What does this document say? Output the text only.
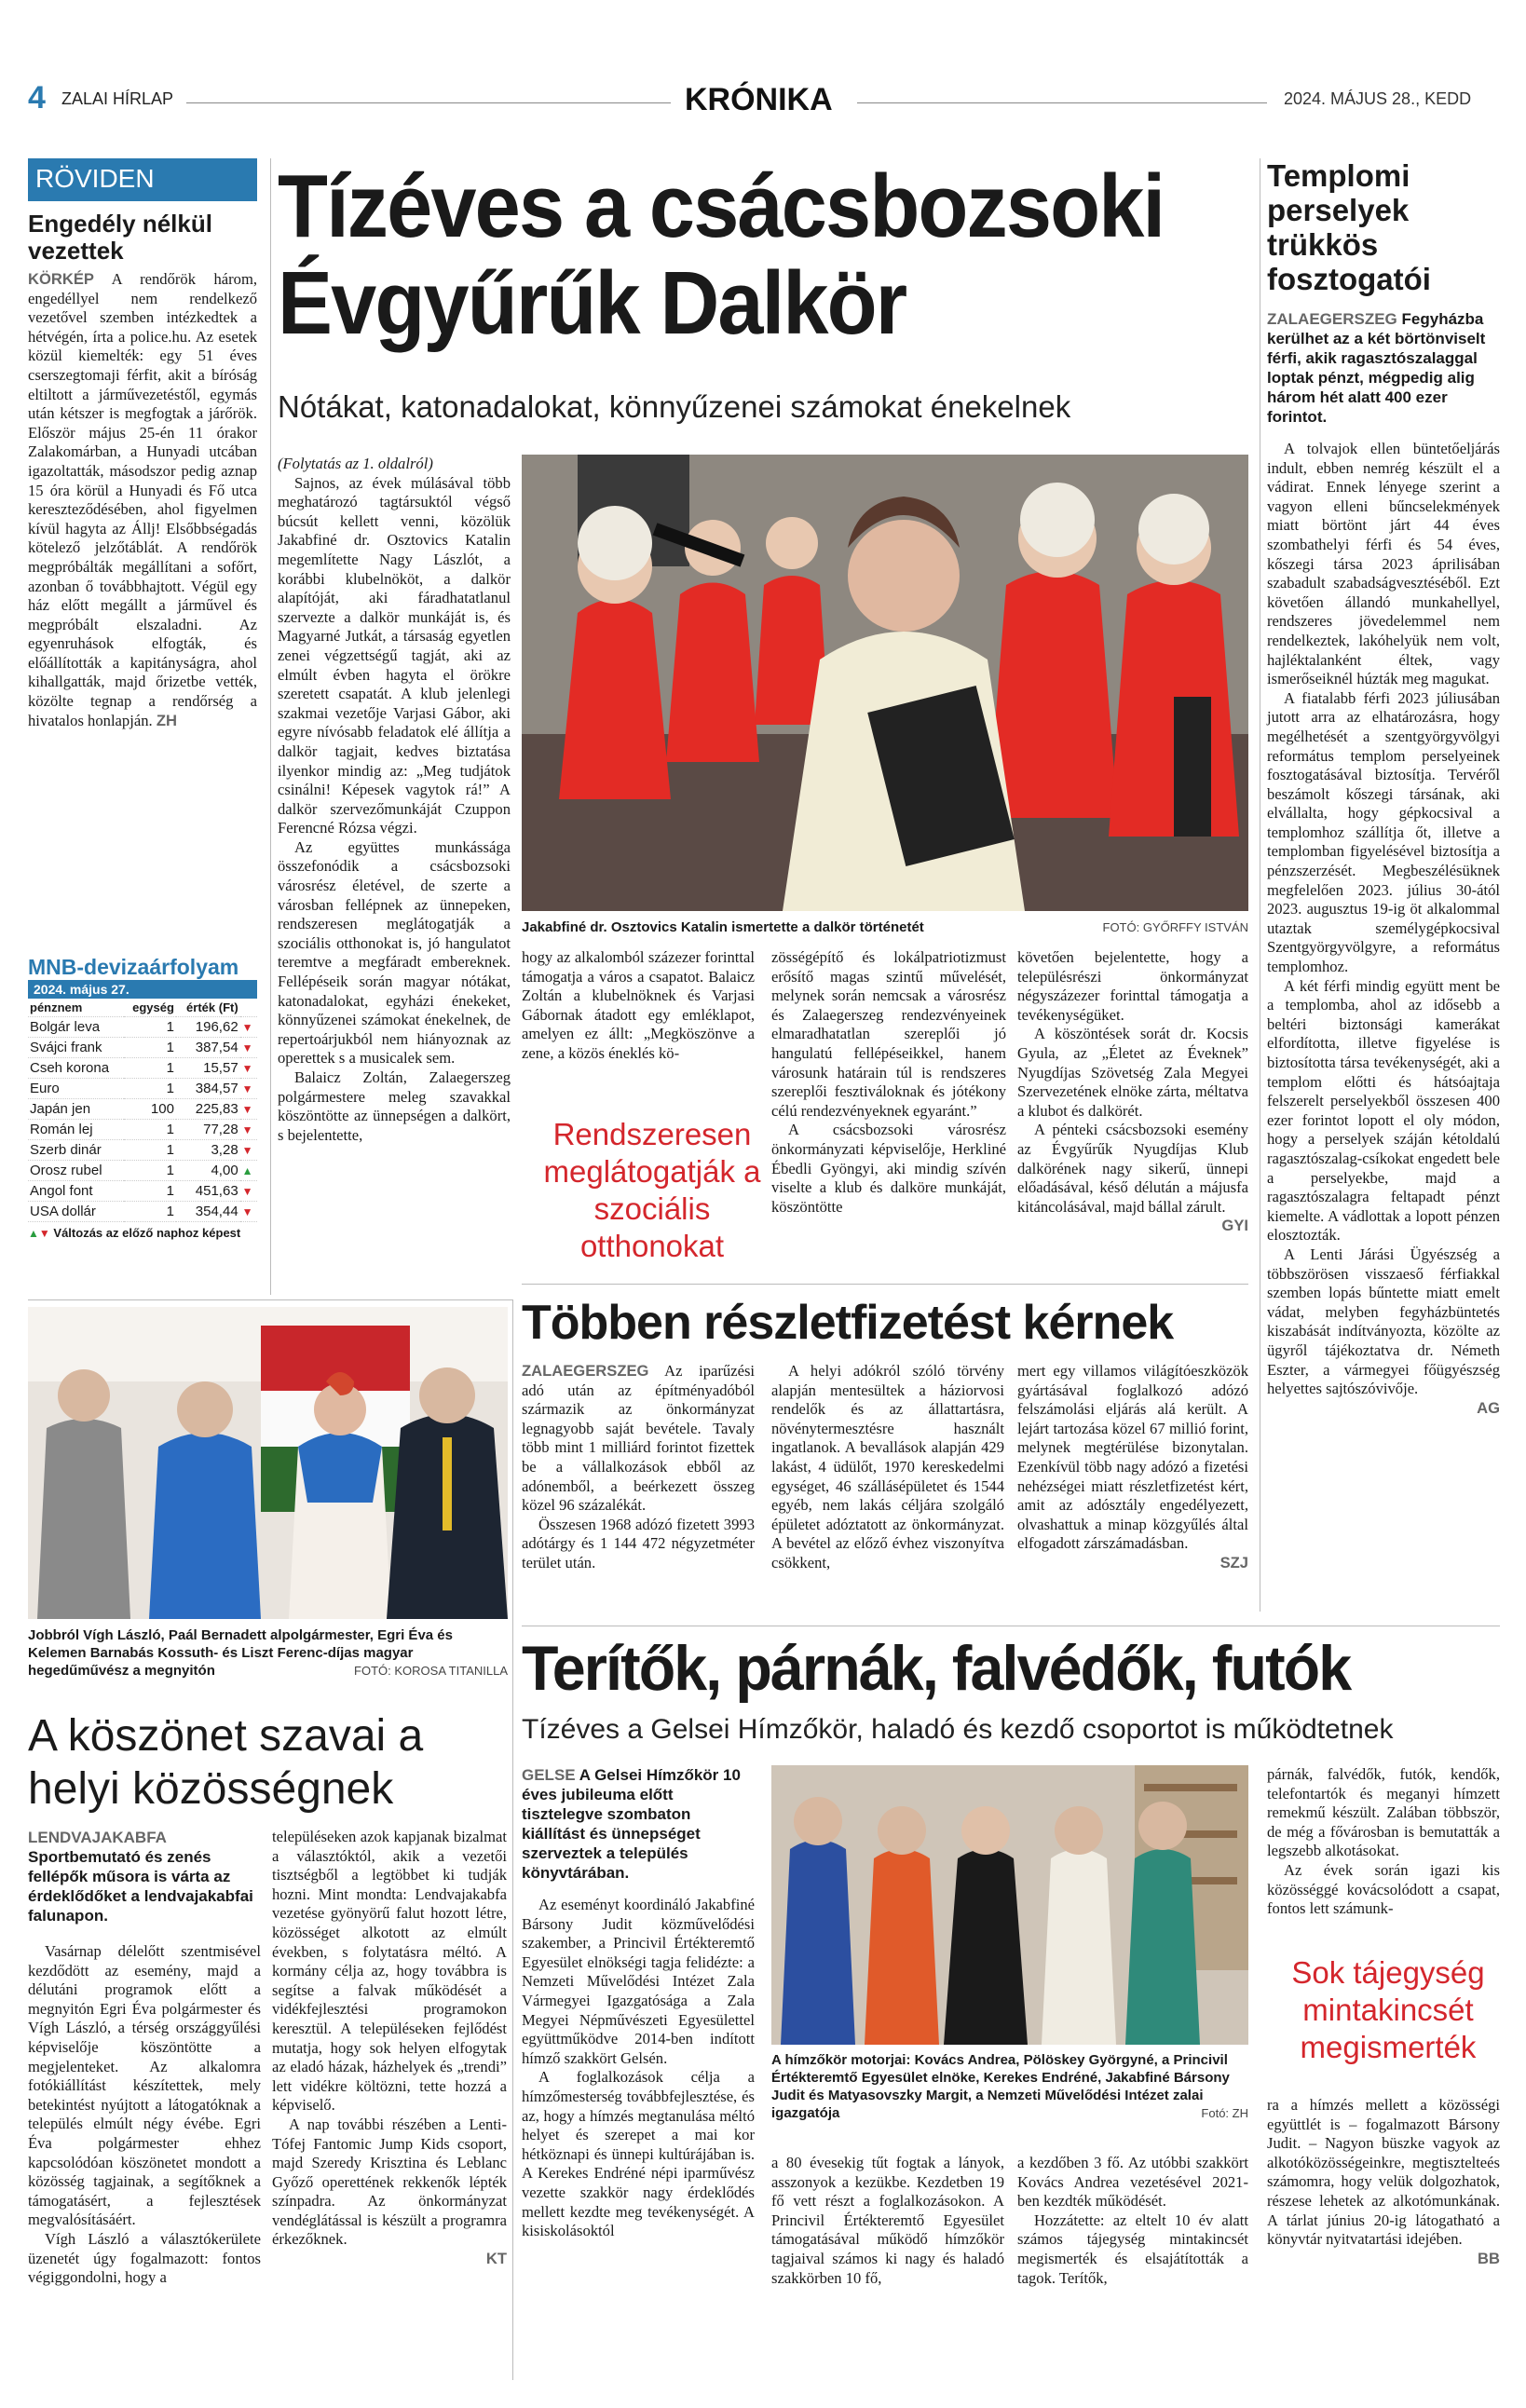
4 ZALAI HÍRLAP	KRÓNIKA	2024. MÁJUS 28., KEDD
RÖVIDEN
Engedély nélkül vezettek

KÖRKÉP A rendőrök három, engedéllyel nem rendelkező vezetővel szemben intézkedtek a hétvégén, írta a police.hu. Az esetek közül kiemelték: egy 51 éves cserszegtomaji férfit, akit a bíróság eltiltott a járművezetéstől, egymás után kétszer is megfogtak a járőrök. Először május 25-én 11 órakor Zalakomárban, a Hunyadi utcában igazoltatták, másodszor pedig aznap 15 óra körül a Hunyadi és Fő utca kereszteződésében, ahol figyelmen kívül hagyta az Állj! Elsőbbségadás kötelező jelzőtáblát. A rendőrök megpróbálták megállítani a sofőrt, azonban ő továbbhajtott. Végül egy ház előtt megállt a járművel és megpróbált elszaladni. Az egyenruhások elfogták, és előállították a kapitányságra, ahol kihallgatták, majd őrizetbe vették, közölte tegnap a rendőrség a hivatalos honlapján. ZH

MNB-devizaárfolyam
2024. május 27.
pénznem	egység	érték (Ft)	
Bolgár leva	1	196,62	▼
Svájci frank	1	387,54	▼
Cseh korona	1	15,57	▼
Euro	1	384,57	▼
Japán jen	100	225,83	▼
Román lej	1	77,28	▼
Szerb dinár	1	3,28	▼
Orosz rubel	1	4,00	▲
Angol font	1	451,63	▼
USA dollár	1	354,44	▼
▲▼ Változás az előző naphoz képest
Tízéves a csácsbozsoki
Évgyűrűk Dalkör
Nótákat, katonadalokat, könnyűzenei számokat énekelnek

(Folytatás az 1. oldalról)

Sajnos, az évek múlásával több meghatározó tagtársuktól végső búcsút kellett venni, közölük Jakabfiné dr. Osztovics Katalin megemlítette Nagy Lászlót, a korábbi klubelnököt, a dalkör alapítóját, aki fáradhatatlanul szervezte a dalkör munkáját is, és Magyarné Jutkát, a társaság egyetlen zenei végzettségű tagját, aki az elmúlt évben hagyta el örökre szeretett csapatát. A klub jelenlegi szakmai vezetője Varjasi Gábor, aki egyre nívósabb feladatok elé állítja a dalkör tagjait, kedves biztatása ilyenkor mindig az: „Meg tudjátok csinálni! Képesek vagytok rá!” A dalkör szervezőmunkáját Czuppon Ferencné Rózsa végzi.

Az együttes munkássága összefonódik a csácsbozsoki városrész életével, de szerte a városban fellépnek az ünnepeken, rendszeresen meglátogatják a szociális otthonokat is, jó hangulatot teremtve a megfáradt embereknek. Fellépéseik során magyar nótákat, katonadalokat, egyházi énekeket, könnyűzenei számokat énekelnek, de repertoárjukból nem hiányoznak az operettek s a musicalek sem.

Balaicz Zoltán, Zalaegerszeg polgármestere meleg szavakkal köszöntötte az ünnepségen a dalkört, s bejelentette,

Jakabfiné dr. Osztovics Katalin ismertette a dalkör történetét	FOTÓ: GYŐRFFY ISTVÁN

hogy az alkalomból százezer forinttal támogatja a város a csapatot. Balaicz Zoltán a klubelnöknek és Varjasi Gábornak átadott egy emléklapot, amelyen ez állt: „Megköszönve a zene, a közös éneklés kö-

Rendszeresen meglátogatják a szociális otthonokat

zösségépítő és lokálpatriotizmust erősítő magas szintű művelését, melynek során nemcsak a városrész és Zalaegerszeg rendezvényeinek elmaradhatatlan szereplői jó hangulatú fellépéseikkel, hanem városunk határain túl is rendszeres szereplői fesztiváloknak és jótékony célú rendezvényeknek egyaránt.”

A csácsbozsoki városrész önkormányzati képviselője, Herkliné Ébedli Gyöngyi, aki mindig szívén viselte a klub és dalköre munkáját, köszöntötte

követően bejelentette, hogy a településrészi önkormányzat négyszázezer forinttal támogatja a tevékenységüket.

A köszöntések sorát dr. Kocsis Gyula, az „Életet az Éveknek” Nyugdíjas Szövetség Zala Megyei Szervezetének elnöke zárta, méltatva a klubot és dalkörét.

A pénteki csácsbozsoki esemény az Évgyűrűk Nyugdíjas Klub dalkörének nagy sikerű, ünnepi előadásával, késő délután a májusfa kitáncolásával, majd bállal zárult.

GYI
Templomi perselyek trükkös fosztogatói
ZALAEGERSZEG Fegyházba kerülhet az a két börtönviselt férfi, akik ragasztószalaggal loptak pénzt, mégpedig alig három hét alatt 400 ezer forintot.

A tolvajok ellen büntetőeljárás indult, ebben nemrég készült el a vádirat. Ennek lényege szerint a vagyon elleni bűncselekmények miatt börtönt járt 44 éves szombathelyi férfi és 54 éves, kőszegi társa 2023 áprilisában szabadult szabadságvesztéséből. Ezt követően állandó munkahellyel, rendszeres jövedelemmel nem rendelkeztek, lakóhelyük nem volt, hajléktalanként éltek, vagy ismerőseiknél húzták meg magukat.

A fiatalabb férfi 2023 júliusában jutott arra az elhatározásra, hogy megélhetését a szentgyörgyvölgyi református templom perselyeinek fosztogatásával biztosítja. Tervéről beszámolt kőszegi társának, aki elvállalta, hogy gépkocsival a templomhoz szállítja őt, illetve a templomban figyelésével biztosítja a pénzszerzését. Megbeszélésüknek megfelelően 2023. július 30-ától 2023. augusztus 19-ig öt alkalommal utaztak személygépkocsival Szentgyörgyvölgyre, a református templomhoz.

A két férfi mindig együtt ment be a templomba, ahol az idősebb a beltéri biztonsági kamerákat elfordította, illetve figyelése is biztosította társa tevékenységét, aki a templom előtti és hátsóajtaja felszerelt perselyekből összesen 400 ezer forintot lopott el oly módon, hogy a perselyek száján kétoldalú ragasztószalag-csíkokat engedett bele a perselyekbe, majd a ragasztószalagra feltapadt pénzt kiemelte. A vádlottak a lopott pénzen elosztozták.

A Lenti Járási Ügyészség a többszörösen visszaeső férfiakkal szemben lopás bűntette miatt emelt vádat, melyben fegyházbüntetés kiszabását indítványozta, közölte az ügyről tájékoztatva dr. Németh Eszter, a vármegyei főügyészség helyettes sajtószóvivője.

AG
Jobbról Vígh László, Paál Bernadett alpolgármester, Egri Éva és Kelemen Barnabás Kossuth- és Liszt Ferenc-díjas magyar hegedűművész a megnyitón	FOTÓ: KOROSA TITANILLA
A köszönet szavai a helyi közösségnek
LENDVAJAKABFA Sportbemutató és zenés fellépők műsora is várta az érdeklődőket a lendvajakabfai falunapon.

Vasárnap délelőtt szentmisével kezdődött az esemény, majd a délutáni programok előtt a megnyitón Egri Éva polgármester és Vígh László, a térség országgyűlési képviselője köszöntötte a megjelenteket. Az alkalomra fotókiállítást készítettek, mely betekintést nyújtott a látogatóknak a település elmúlt négy évébe. Egri Éva polgármester ehhez kapcsolódóan köszönetet mondott a közösség tagjainak, a segítőknek a támogatásért, a fejlesztések megvalósításáért.

Vígh László a választókerülete üzenetét úgy fogalmazott: fontos végiggondolni, hogy a

településeken azok kapjanak bizalmat a választóktól, akik a vezetői tisztségből a legtöbbet ki tudják hozni. Mint mondta: Lendvajakabfa vezetése gyönyörű falut hozott létre, közösséget alkotott az elmúlt években, s folytatásra méltó. A kormány célja az, hogy továbbra is segítse a falvak működését a vidékfejlesztési programokon keresztül. A településeken fejlődést mutatja, hogy sok helyen elfogytak az eladó házak, házhelyek és „trendi” lett vidékre költözni, tette hozzá a képviselő.

A nap további részében a Lenti-Tófej Fantomic Jump Kids csoport, majd Szeredy Krisztina és Leblanc Győző operettének rekkenők lépték színpadra. Az önkormányzat vendéglátással is készült a programra érkezőknek.

KT
Többen részletfizetést kérnek

ZALAEGERSZEG Az iparűzési adó után az építményadóból származik az önkormányzat legnagyobb saját bevétele. Tavaly több mint 1 milliárd forintot fizettek be a vállalkozások ebből az adónemből, a beérkezett összeg közel 96 százalékát.

Összesen 1968 adózó fizetett 3993 adótárgy és 1 144 472 négyzetméter terület után.

A helyi adókról szóló törvény alapján mentesültek a háziorvosi rendelők és az állattartásra, növénytermesztésre használt ingatlanok. A bevallások alapján 429 lakást, 4 üdülőt, 1970 kereskedelmi egységet, 46 szállásépületet és 1544 egyéb, nem lakás céljára szolgáló épületet adóztatott az önkormányzat. A bevétel az előző évhez viszonyítva csökkent,

mert egy villamos világítóeszközök gyártásával foglalkozó adózó felszámolási eljárás alá került. A lejárt tartozása közel 67 millió forint, melynek megtérülése bizonytalan. Ezenkívül több nagy adózó a fizetési nehézségei miatt részletfizetést kért, amit az adósztály engedélyezett, olvashattuk a minap közgyűlés által elfogadott zárszámadásban.

SZJ
Terítők, párnák, falvédők, futók
Tízéves a Gelsei Hímzőkör, haladó és kezdő csoportot is működtetnek
GELSE A Gelsei Hímzőkör 10 éves jubileuma előtt tisztelegve szombaton kiállítást és ünnepséget szerveztek a település könyvtárában.

Az eseményt koordináló Jakabfiné Bársony Judit közművelődési szakember, a Princivil Értékteremtő Egyesület elnökségi tagja felidézte: a Nemzeti Művelődési Intézet Zala Vármegyei Igazgatósága a Zala Megyei Népművészeti Egyesülettel együttműködve 2014-ben indított hímző szakkört Gelsén.

A foglalkozások célja a hímzőmesterség továbbfejlesztése, és az, hogy a hímzés megtanulása méltó helyet és szerepet a mai kor hétköznapi és ünnepi kultúrájában is. A Kerekes Endréné népi iparművész vezette szakkör nagy érdeklődés mellett kezdte meg tevékenységét. A kisiskolásoktól

A hímzőkör motorjai: Kovács Andrea, Pölöskey Györgyné, a Princivil Értékteremtő Egyesület elnöke, Kerekes Endréné, Jakabfiné Bársony Judit és Matyasovszky Margit, a Nemzeti Művelődési Intézet zalai igazgatója	Fotó: ZH

a 80 évesekig tűt fogtak a lányok, asszonyok a kezükbe. Kezdetben 19 fő vett részt a foglalkozásokon. A Princivil Értékteremtő Egyesület támogatásával működő hímzőkör tagjaival számos ki nagy és haladó szakkörben 10 fő,

a kezdőben 3 fő. Az utóbbi szakkört Kovács Andrea vezetésével 2021-ben kezdték működését.

Hozzátette: az eltelt 10 év alatt számos tájegység mintakincsét megismerték és elsajátították a tagok. Terítők,

párnák, falvédők, futók, kendők, telefontartók és meganyi hímzett remekmű készült. Zalában többször, de még a fővárosban is bemutatták a legszebb alkotásokat.

Az évek során igazi kis közösséggé kovácsolódott a csapat, fontos lett számunk-

Sok tájegység mintakincsét megismerték

ra a hímzés mellett a közösségi együttlét is – fogalmazott Bársony Judit. – Nagyon büszke vagyok az alkotóközösségeinkre, megtisztelteés számomra, hogy velük dolgozhatok, részese lehetek az alkotómunkának. A tárlat június 20-ig látogatható a könyvtár nyitvatartási idejében.

BB
